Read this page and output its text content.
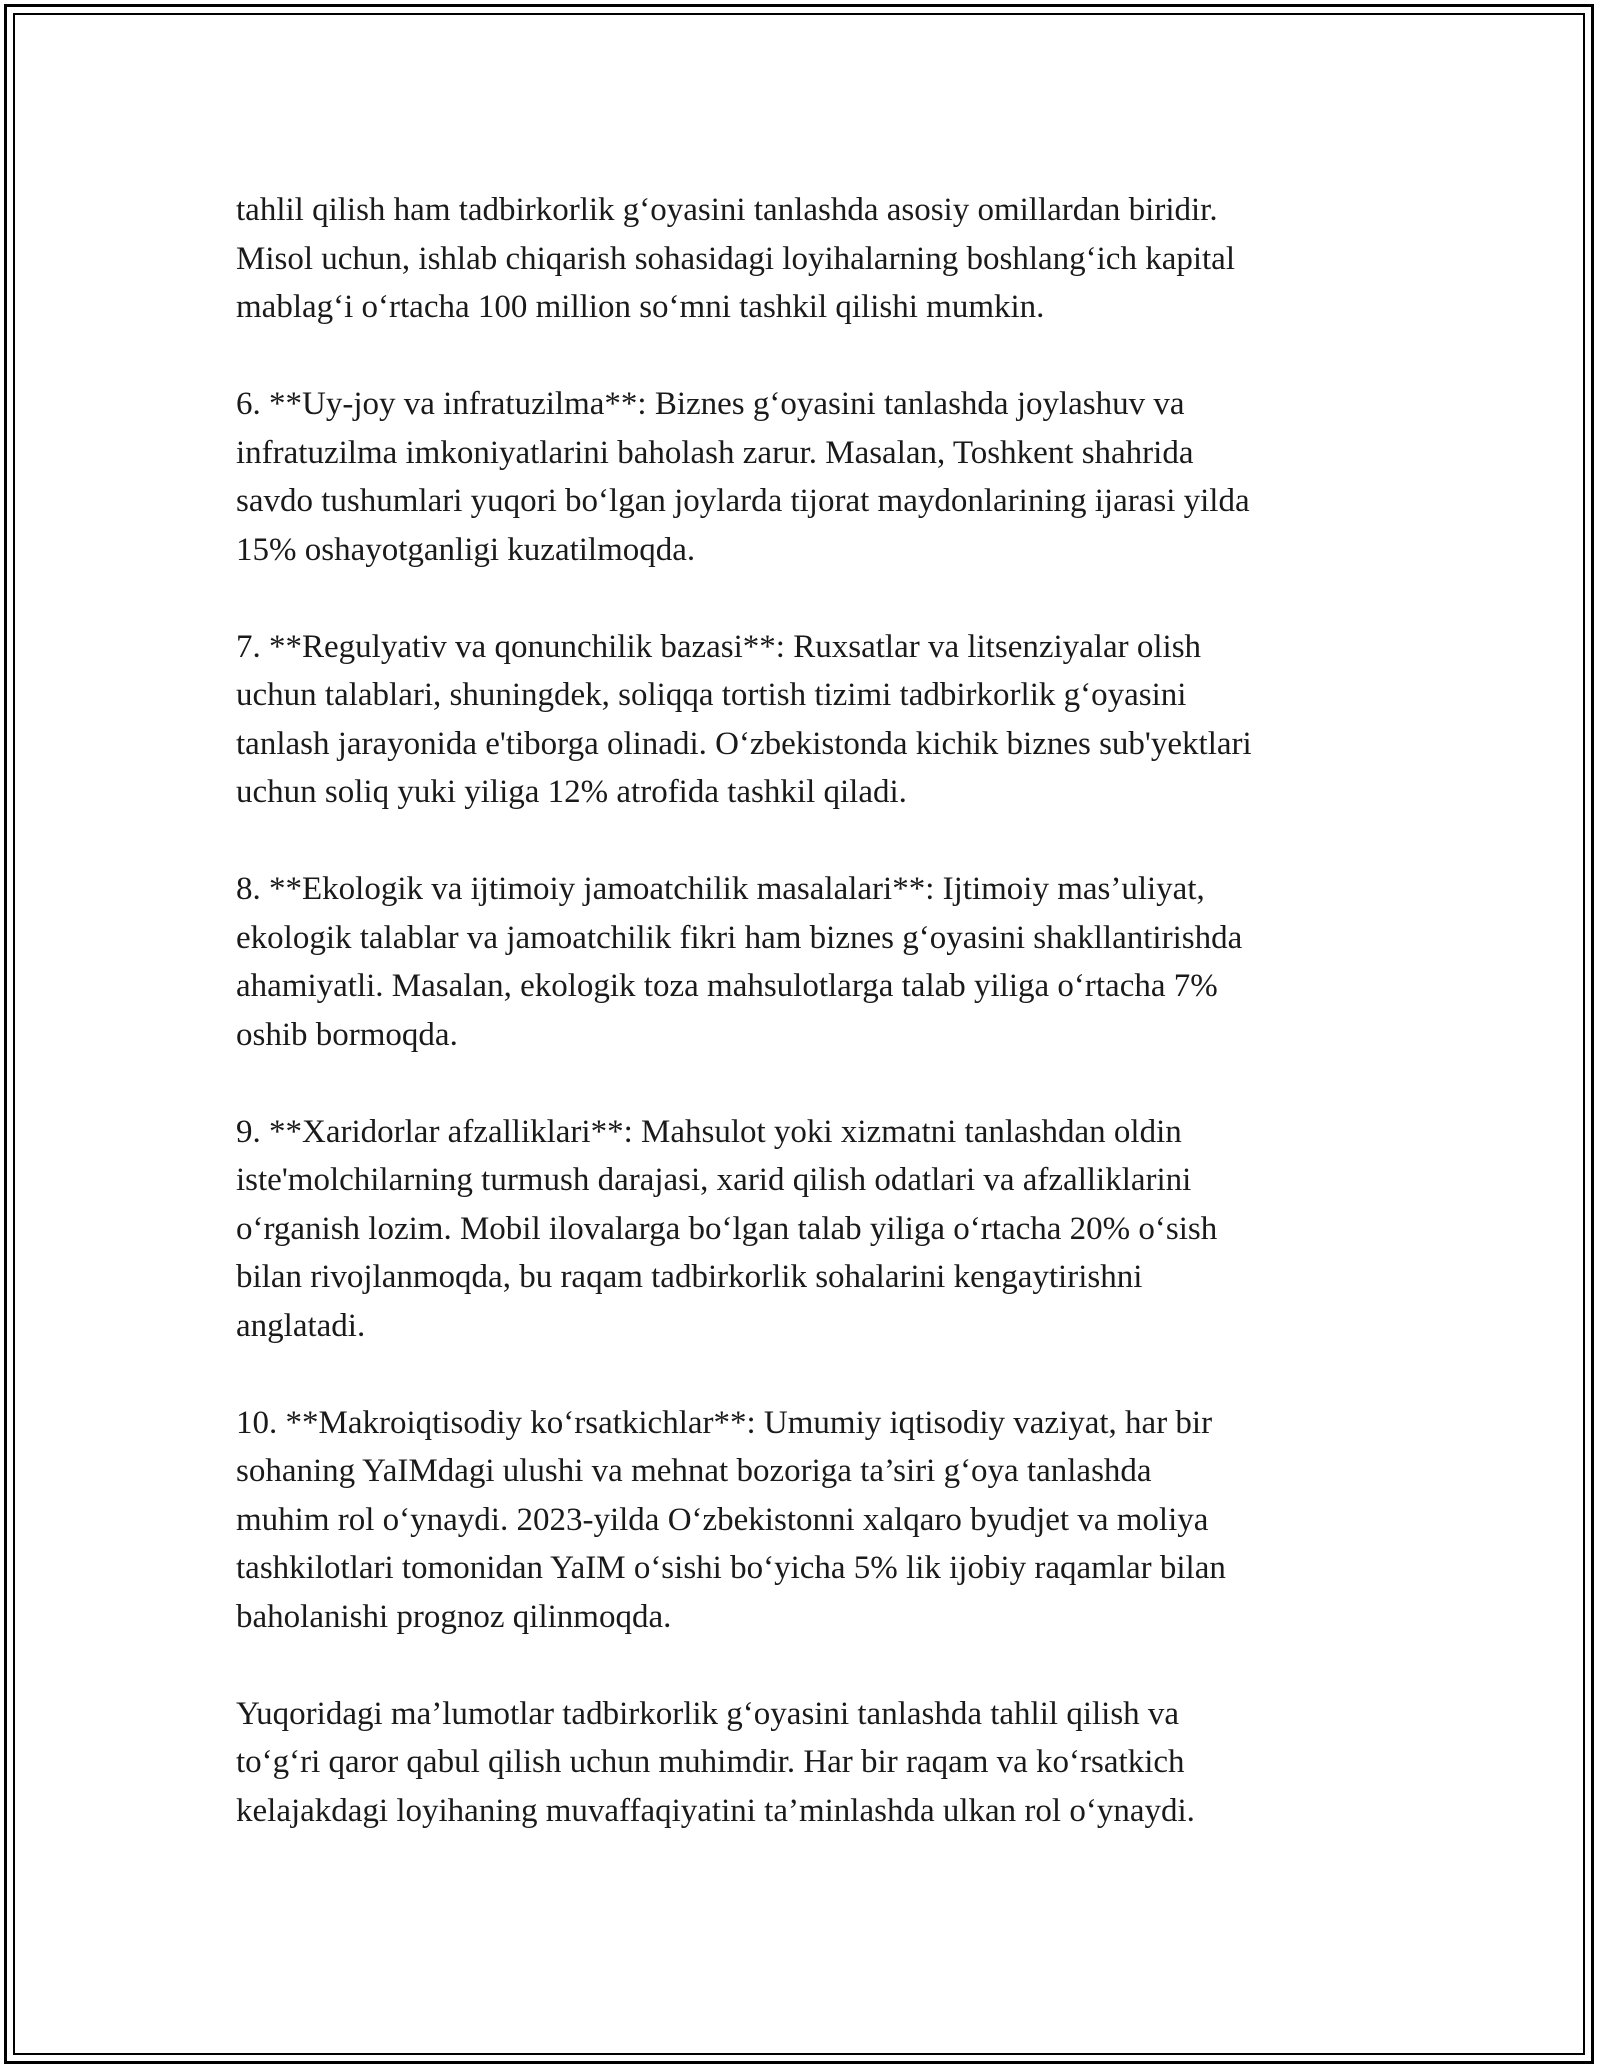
tahlil qilish ham tadbirkorlik g‘oyasini tanlashda asosiy omillardan biridir.
Misol uchun, ishlab chiqarish sohasidagi loyihalarning boshlang‘ich kapital
mablag‘i o‘rtacha 100 million so‘mni tashkil qilishi mumkin.

6. **Uy-joy va infratuzilma**: Biznes g‘oyasini tanlashda joylashuv va
infratuzilma imkoniyatlarini baholash zarur. Masalan, Toshkent shahrida
savdo tushumlari yuqori bo‘lgan joylarda tijorat maydonlarining ijarasi yilda
15% oshayotganligi kuzatilmoqda.

7. **Regulyativ va qonunchilik bazasi**: Ruxsatlar va litsenziyalar olish
uchun talablari, shuningdek, soliqqa tortish tizimi tadbirkorlik g‘oyasini
tanlash jarayonida e'tiborga olinadi. O‘zbekistonda kichik biznes sub'yektlari
uchun soliq yuki yiliga 12% atrofida tashkil qiladi.

8. **Ekologik va ijtimoiy jamoatchilik masalalari**: Ijtimoiy mas’uliyat,
ekologik talablar va jamoatchilik fikri ham biznes g‘oyasini shakllantirishda
ahamiyatli. Masalan, ekologik toza mahsulotlarga talab yiliga o‘rtacha 7%
oshib bormoqda.

9. **Xaridorlar afzalliklari**: Mahsulot yoki xizmatni tanlashdan oldin
iste'molchilarning turmush darajasi, xarid qilish odatlari va afzalliklarini
o‘rganish lozim. Mobil ilovalarga bo‘lgan talab yiliga o‘rtacha 20% o‘sish
bilan rivojlanmoqda, bu raqam tadbirkorlik sohalarini kengaytirishni
anglatadi.

10. **Makroiqtisodiy ko‘rsatkichlar**: Umumiy iqtisodiy vaziyat, har bir
sohaning YaIMdagi ulushi va mehnat bozoriga ta’siri g‘oya tanlashda
muhim rol o‘ynaydi. 2023-yilda O‘zbekistonni xalqaro byudjet va moliya
tashkilotlari tomonidan YaIM o‘sishi bo‘yicha 5% lik ijobiy raqamlar bilan
baholanishi prognoz qilinmoqda.

Yuqoridagi ma’lumotlar tadbirkorlik g‘oyasini tanlashda tahlil qilish va
to‘g‘ri qaror qabul qilish uchun muhimdir. Har bir raqam va ko‘rsatkich
kelajakdagi loyihaning muvaffaqiyatini ta’minlashda ulkan rol o‘ynaydi.
